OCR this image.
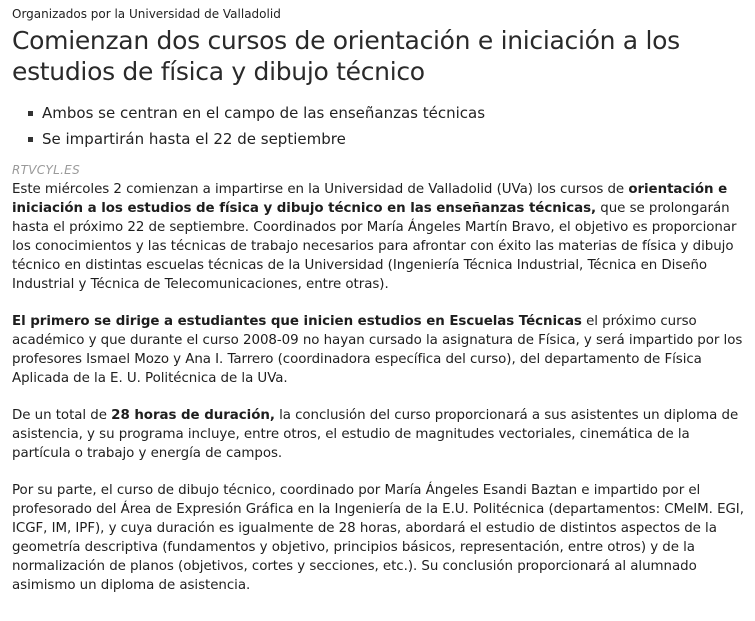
Organizados por la Universidad de Valladolid
Comienzan dos cursos de orientación e iniciación a los estudios de física y dibujo técnico
Ambos se centran en el campo de las enseñanzas técnicas
Se impartirán hasta el 22 de septiembre
RTVCYL.ES

Este miércoles 2 comienzan a impartirse en la Universidad de Valladolid (UVa) los cursos de orientación e iniciación a los estudios de física y dibujo técnico en las enseñanzas técnicas, que se prolongarán hasta el próximo 22 de septiembre. Coordinados por María Ángeles Martín Bravo, el objetivo es proporcionar los conocimientos y las técnicas de trabajo necesarios para afrontar con éxito las materias de física y dibujo técnico en distintas escuelas técnicas de la Universidad (Ingeniería Técnica Industrial, Técnica en Diseño Industrial y Técnica de Telecomunicaciones, entre otras).

El primero se dirige a estudiantes que inicien estudios en Escuelas Técnicas el próximo curso académico y que durante el curso 2008-09 no hayan cursado la asignatura de Física, y será impartido por los profesores Ismael Mozo y Ana I. Tarrero (coordinadora específica del curso), del departamento de Física Aplicada de la E. U. Politécnica de la UVa.

De un total de 28 horas de duración, la conclusión del curso proporcionará a sus asistentes un diploma de asistencia, y su programa incluye, entre otros, el estudio de magnitudes vectoriales, cinemática de la partícula o trabajo y energía de campos.

Por su parte, el curso de dibujo técnico, coordinado por María Ángeles Esandi Baztan e impartido por el profesorado del Área de Expresión Gráfica en la Ingeniería de la E.U. Politécnica (departamentos: CMeIM. EGI, ICGF, IM, IPF), y cuya duración es igualmente de 28 horas, abordará el estudio de distintos aspectos de la geometría descriptiva (fundamentos y objetivo, principios básicos, representación, entre otros) y de la normalización de planos (objetivos, cortes y secciones, etc.). Su conclusión proporcionará al alumnado asimismo un diploma de asistencia.
